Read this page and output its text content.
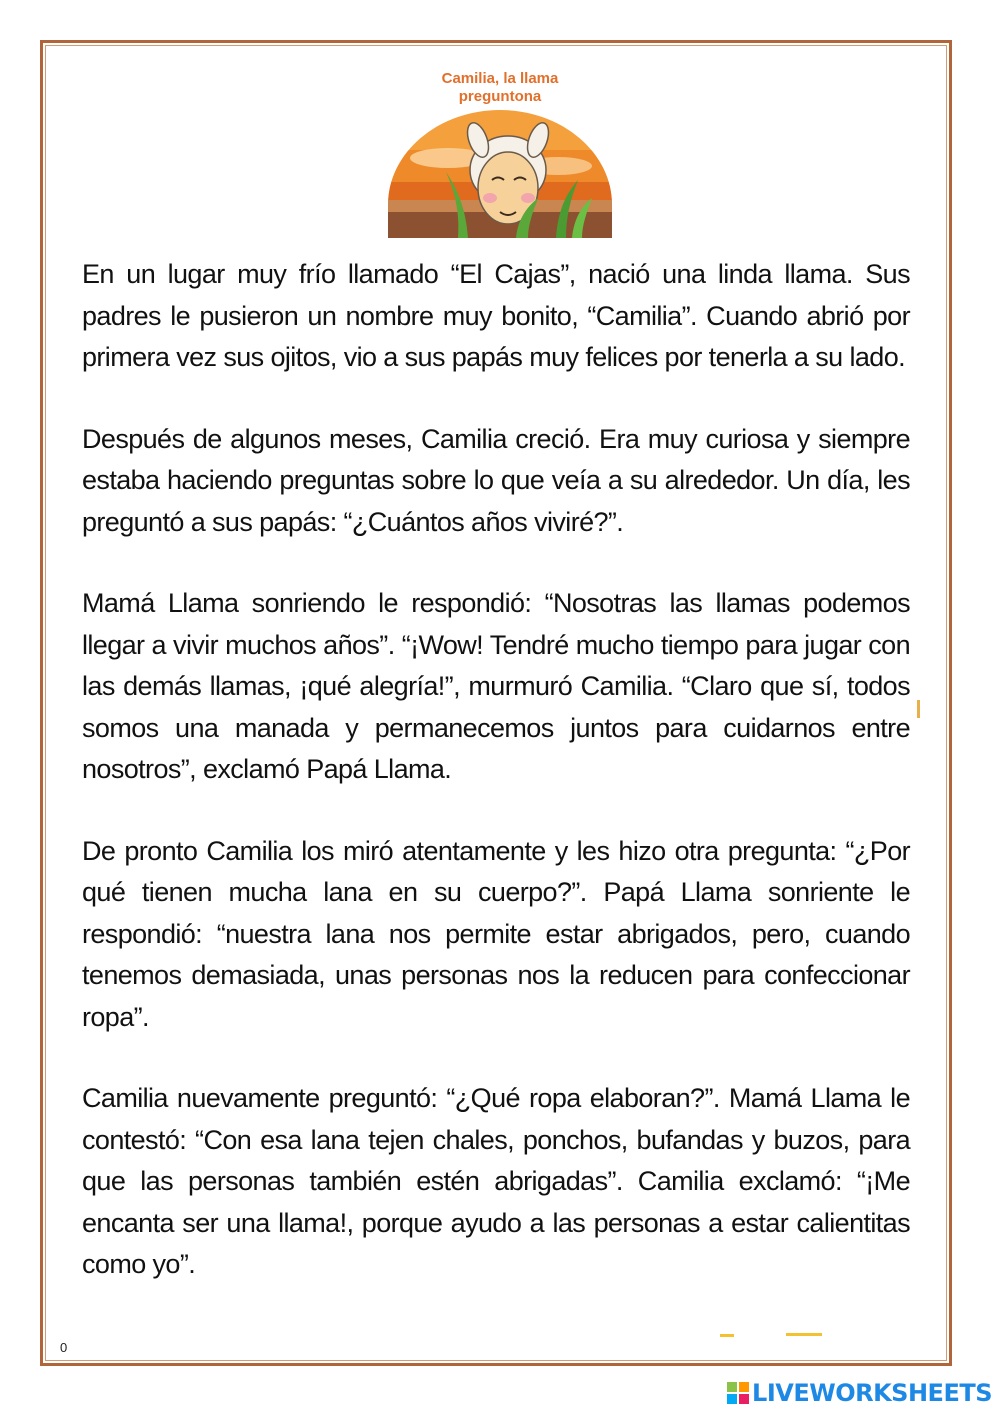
Camilia, la llama
preguntona

En un lugar muy frío llamado “El Cajas”, nació una linda llama. Sus padres le pusieron un nombre muy bonito, “Camilia”. Cuando abrió por primera vez sus ojitos, vio a sus papás muy felices por tenerla a su lado.

Después de algunos meses, Camilia creció. Era muy curiosa y siempre estaba haciendo preguntas sobre lo que veía a su alrededor. Un día, les preguntó a sus papás: “¿Cuántos años viviré?”.

Mamá Llama sonriendo le respondió: “Nosotras las llamas podemos llegar a vivir muchos años”. “¡Wow! Tendré mucho tiempo para jugar con las demás llamas, ¡qué alegría!”, murmuró Camilia. “Claro que sí, todos somos una manada y permanecemos juntos para cuidarnos entre nosotros”, exclamó Papá Llama.

De pronto Camilia los miró atentamente y les hizo otra pregunta: “¿Por qué tienen mucha lana en su cuerpo?”. Papá Llama sonriente le respondió: “nuestra lana nos permite estar abrigados, pero, cuando tenemos demasiada, unas personas nos la reducen para confeccionar ropa”.

Camilia nuevamente preguntó: “¿Qué ropa elaboran?”. Mamá Llama le contestó: “Con esa lana tejen chales, ponchos, bufandas y buzos, para que las personas también estén abrigadas”. Camilia exclamó: “¡Me encanta ser una llama!, porque ayudo a las personas a estar calientitas como yo”.

0
LIVEWORKSHEETS
